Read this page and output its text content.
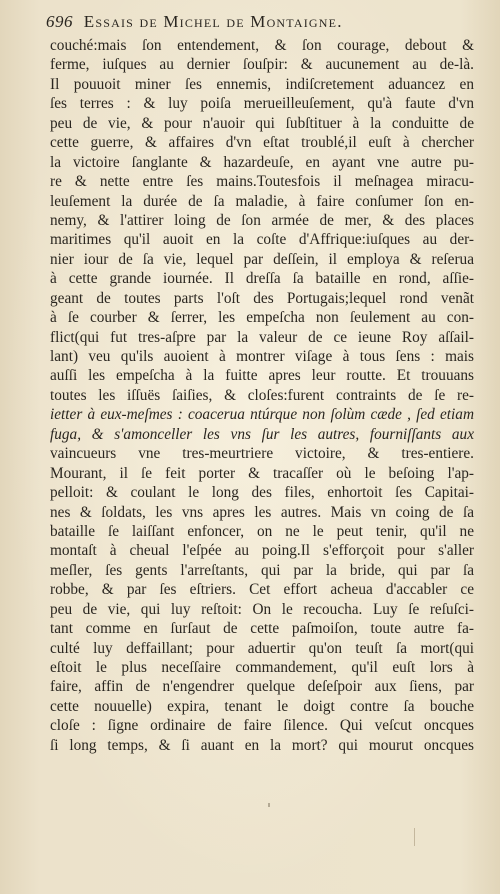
696 Essais de Michel de Montaigne.
couché:mais ſon entendement, & ſon courage, debout &
ferme, iuſques au dernier ſouſpir: & aucunement au de-là.
Il pouuoit miner ſes ennemis, indiſcretement aduancez en
ſes terres : & luy poiſa merueilleuſement, qu'à faute d'vn
peu de vie, & pour n'auoir qui ſubſtituer à la conduitte de
cette guerre, & affaires d'vn eſtat troublé,il euſt à chercher
la victoire ſanglante & hazardeuſe, en ayant vne autre pu-
re & nette entre ſes mains.Toutesfois il meſnagea miracu-
leuſement la durée de ſa maladie, à faire conſumer ſon en-
nemy, & l'attirer loing de ſon armée de mer, & des places
maritimes qu'il auoit en la coſte d'Affrique:iuſques au der-
nier iour de ſa vie, lequel par deſſein, il employa & reſerua
à cette grande iournée. Il dreſſa ſa bataille en rond, aſſie-
geant de toutes parts l'oſt des Portugais;lequel rond venãt
à ſe courber & ſerrer, les empeſcha non ſeulement au con-
flict(qui fut tres-aſpre par la valeur de ce ieune Roy aſſail-
lant) veu qu'ils auoient à montrer viſage à tous ſens : mais
auſſi les empeſcha à la fuitte apres leur routte. Et trouuans
toutes les iſſuës ſaiſies, & cloſes:furent contraints de ſe re-
ietter à eux-meſmes : coacerua ntúrque non ſolùm cæde , ſed etiam
fuga, & s'amonceller les vns ſur les autres, fourniſſants aux
vaincueurs vne tres-meurtriere victoire, & tres-entiere.
Mourant, il ſe feit porter & tracaſſer où le beſoing l'ap-
pelloit: & coulant le long des files, enhortoit ſes Capitai-
nes & ſoldats, les vns apres les autres. Mais vn coing de ſa
bataille ſe laiſſant enfoncer, on ne le peut tenir, qu'il ne
montaſt à cheual l'eſpée au poing.Il s'efforçoit pour s'aller
meſler, ſes gents l'arreſtants, qui par la bride, qui par ſa
robbe, & par ſes eſtriers. Cet effort acheua d'accabler ce
peu de vie, qui luy reſtoit: On le recoucha. Luy ſe reſuſci-
tant comme en ſurſaut de cette paſmoiſon, toute autre fa-
culté luy deffaillant; pour aduertir qu'on teuſt ſa mort(qui
eſtoit le plus neceſſaire commandement, qu'il euſt lors à
faire, affin de n'engendrer quelque deſeſpoir aux ſiens, par
cette nouuelle) expira, tenant le doigt contre ſa bouche
cloſe : ſigne ordinaire de faire ſilence. Qui veſcut oncques
ſi long temps, & ſi auant en la mort? qui mourut oncques
